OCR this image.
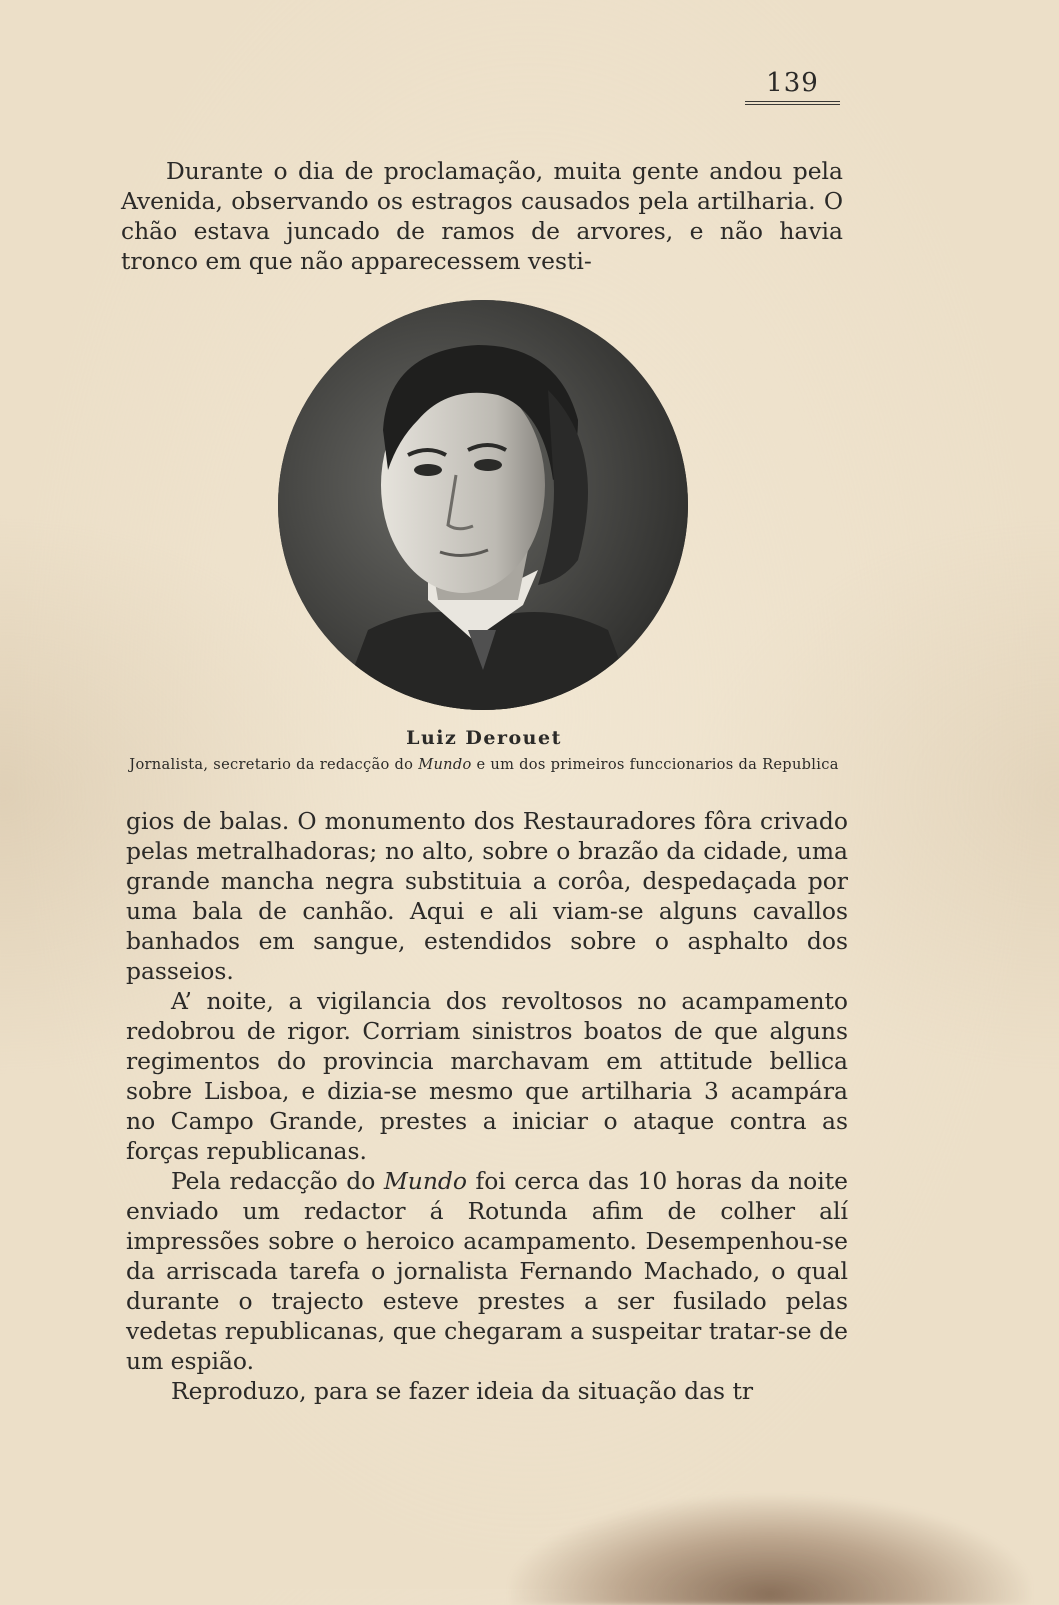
139

Durante o dia de proclamação, muita gente andou pela Avenida, observando os estragos causados pela artilharia. O chão estava juncado de ramos de arvores, e não havia tronco em que não apparecessem vesti-

Luiz Derouet
Jornalista, secretario da redacção do Mundo e um dos primeiros funccionarios da Republica

gios de balas. O monumento dos Restauradores fôra crivado pelas metralhadoras; no alto, sobre o brazão da cidade, uma grande mancha negra substituia a corôa, despedaçada por uma bala de canhão. Aqui e ali viam-se alguns cavallos banhados em sangue, estendidos sobre o asphalto dos passeios.

A’ noite, a vigilancia dos revoltosos no acampamento redobrou de rigor. Corriam sinistros boatos de que alguns regimentos do provincia marchavam em attitude bellica sobre Lisboa, e dizia-se mesmo que artilharia 3 acampára no Campo Grande, prestes a iniciar o ataque contra as forças republicanas.

Pela redacção do Mundo foi cerca das 10 horas da noite enviado um redactor á Rotunda afim de colher alí impressões sobre o heroico acampamento. Desempenhou-se da arriscada tarefa o jornalista Fernando Machado, o qual durante o trajecto esteve prestes a ser fusilado pelas vedetas republicanas, que chegaram a suspeitar tratar-se de um espião.

Reproduzo, para se fazer ideia da situação das tr
